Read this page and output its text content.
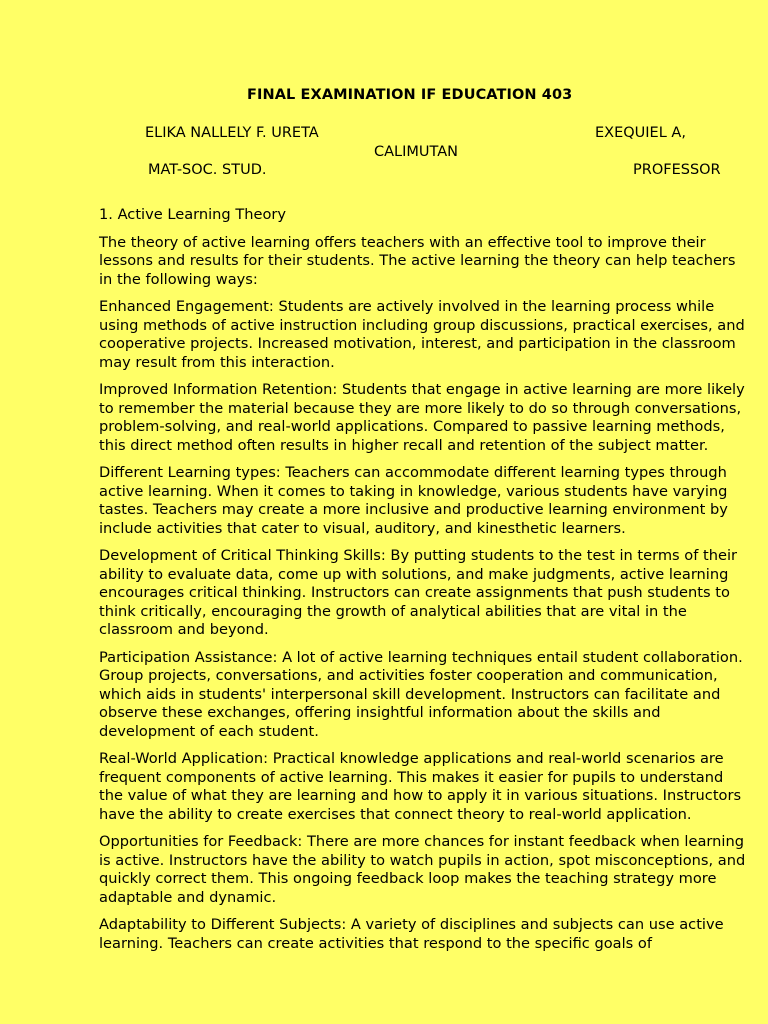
FINAL EXAMINATION IF EDUCATION 403
ELIKA NALLELY F. URETA	EXEQUIEL A,
CALIMUTAN
MAT-SOC. STUD.	PROFESSOR

1. Active Learning Theory

The theory of active learning offers teachers with an effective tool to improve their lessons and results for their students. The active learning the theory can help teachers in the following ways:

Enhanced Engagement: Students are actively involved in the learning process while using methods of active instruction including group discussions, practical exercises, and cooperative projects. Increased motivation, interest, and participation in the classroom may result from this interaction.

Improved Information Retention: Students that engage in active learning are more likely to remember the material because they are more likely to do so through conversations, problem-solving, and real-world applications. Compared to passive learning methods, this direct method often results in higher recall and retention of the subject matter.

Different Learning types: Teachers can accommodate different learning types through active learning. When it comes to taking in knowledge, various students have varying tastes. Teachers may create a more inclusive and productive learning environment by include activities that cater to visual, auditory, and kinesthetic learners.

Development of Critical Thinking Skills: By putting students to the test in terms of their ability to evaluate data, come up with solutions, and make judgments, active learning encourages critical thinking. Instructors can create assignments that push students to think critically, encouraging the growth of analytical abilities that are vital in the classroom and beyond.

Participation Assistance: A lot of active learning techniques entail student collaboration. Group projects, conversations, and activities foster cooperation and communication, which aids in students' interpersonal skill development. Instructors can facilitate and observe these exchanges, offering insightful information about the skills and development of each student.

Real-World Application: Practical knowledge applications and real-world scenarios are frequent components of active learning. This makes it easier for pupils to understand the value of what they are learning and how to apply it in various situations. Instructors have the ability to create exercises that connect theory to real-world application.

Opportunities for Feedback: There are more chances for instant feedback when learning is active. Instructors have the ability to watch pupils in action, spot misconceptions, and quickly correct them. This ongoing feedback loop makes the teaching strategy more adaptable and dynamic.

Adaptability to Different Subjects: A variety of disciplines and subjects can use active learning. Teachers can create activities that respond to the specific goals of
